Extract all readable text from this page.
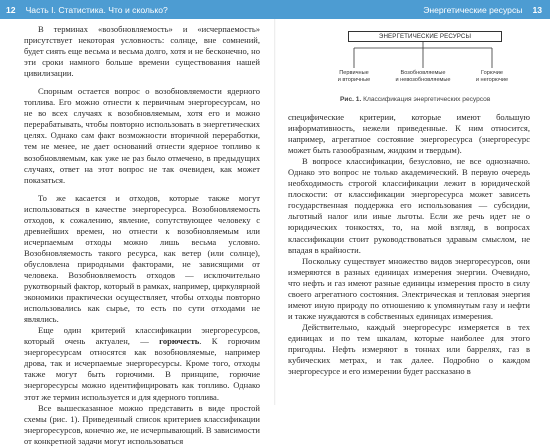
12 Часть I. Статистика. Что и сколько?	Энергетические ресурсы 13

В терминах «возобновляемость» и «исчерпаемость» присутствует некоторая условность: солнце, вне сомнений, будет сиять еще весьма и весьма долго, хотя и не бесконечно, но эти сроки намного больше времени существования нашей цивилизации.

Спорным остается вопрос о возобновляемости ядерного топлива. Его можно отнести к первичным энергоресурсам, но не во всех случаях к возобновляемым, хотя его и можно перерабатывать, чтобы повторно использовать в энергетических целях. Однако сам факт возможности вторичной переработки, тем не менее, не дает оснований отнести ядерное топливо к возобновляемым, как уже не раз было отмечено, в предыдущих случаях, ответ на этот вопрос не так очевиден, как может показаться.

То же касается и отходов, которые также могут использоваться в качестве энергоресурса. Возобновляемость отходов, к сожалению, явление, сопутствующее человеку с древнейших времен, но отнести к возобновляемым или исчерпаемым отходы можно лишь весьма условно. Возобновляемость такого ресурса, как ветер (или солнце), обусловлена природными факторами, не зависящими от человека. Возобновляемость отходов — исключительно рукотворный фактор, который в рамках, например, циркулярной экономики практически осуществляет, чтобы отходы повторно использовались как сырье, то есть по сути отходами не являлись.

Еще один критерий классификации энергоресурсов, который очень актуален, — горючесть. К горючим энергоресурсам относятся как возобновляемые, например дрова, так и исчерпаемые энергоресурсы. Кроме того, отходы также могут быть горючими. В принципе, горючие энергоресурсы можно идентифицировать как топливо. Однако этот же термин используется и для ядерного топлива.

Все вышесказанное можно представить в виде простой схемы (рис. 1). Приведенный список критериев классификации энергоресурсов, конечно же, не исчерпывающий. В зависимости от конкретной задачи могут использоваться

ЭНЕРГЕТИЧЕСКИЕ РЕСУРСЫ
Первичные
и вторичные
Возобновляемые
и невозобновляемые
Горючие
и негорючие
Рис. 1. Классификация энергетических ресурсов

специфические критерии, которые имеют большую информативность, нежели приведенные. К ним относится, например, агрегатное состояние энергоресурса (энергоресурс может быть газообразным, жидким и твердым).

В вопросе классификации, безусловно, не все однозначно. Однако это вопрос не только академический. В первую очередь необходимость строгой классификации лежит в юридической плоскости: от классификации энергоресурса может зависеть государственная поддержка его использования — субсидии, льготный налог или иные льготы. Если же речь идет не о юридических тонкостях, то, на мой взгляд, в вопросах классификации стоит руководствоваться здравым смыслом, не впадая в крайности.

Поскольку существует множество видов энергоресурсов, они измеряются в разных единицах измерения энергии. Очевидно, что нефть и газ имеют разные единицы измерения просто в силу своего агрегатного состояния. Электрическая и тепловая энергия имеют иную природу по отношению к упомянутым газу и нефти и также нуждаются в собственных единицах измерения.

Действительно, каждый энергоресурс измеряется в тех единицах и по тем шкалам, которые наиболее для этого пригодны. Нефть измеряют в тоннах или баррелях, газ в кубических метрах, и так далее. Подробно о каждом энергоресурсе и его измерении будет рассказано в
